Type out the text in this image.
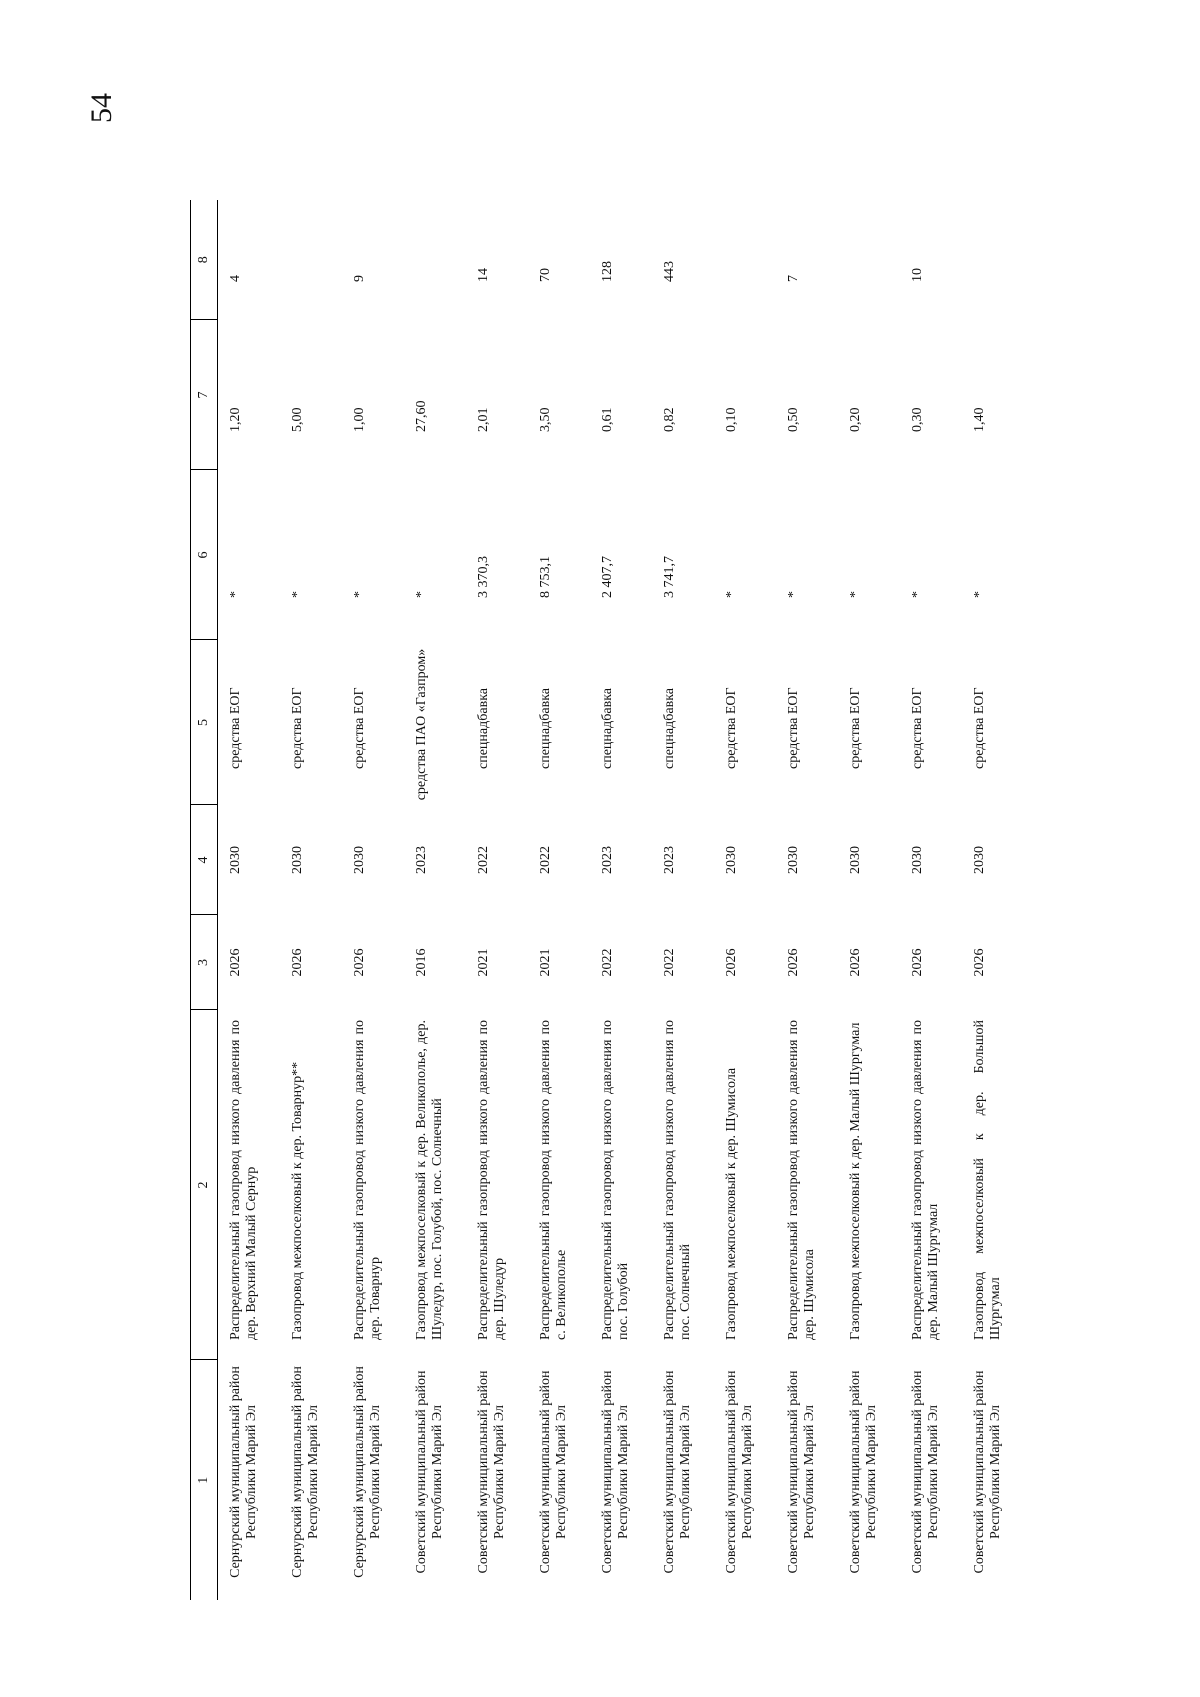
54
1	2	3	4	5	6	7	8
Сернурский муниципальный район Республики Марий Эл	Распределительный газопровод низкого давления по дер. Верхний Малый Сернур	2026	2030	средства ЕОГ	*	1,20	4
Сернурский муниципальный район Республики Марий Эл	Газопровод межпоселковый к дер. Товарнур**	2026	2030	средства ЕОГ	*	5,00	
Сернурский муниципальный район Республики Марий Эл	Распределительный газопровод низкого давления по дер. Товарнур	2026	2030	средства ЕОГ	*	1,00	9
Советский муниципальный район Республики Марий Эл	Газопровод межпоселковый к дер. Великополье, дер. Шуледур, пос. Голубой, пос. Солнечный	2016	2023	средства ПАО «Газпром»	*	27,60	
Советский муниципальный район Республики Марий Эл	Распределительный газопровод низкого давления по дер. Шуледур	2021	2022	спецнадбавка	3 370,3	2,01	14
Советский муниципальный район Республики Марий Эл	Распределительный газопровод низкого давления по с. Великополье	2021	2022	спецнадбавка	8 753,1	3,50	70
Советский муниципальный район Республики Марий Эл	Распределительный газопровод низкого давления по пос. Голубой	2022	2023	спецнадбавка	2 407,7	0,61	128
Советский муниципальный район Республики Марий Эл	Распределительный газопровод низкого давления по пос. Солнечный	2022	2023	спецнадбавка	3 741,7	0,82	443
Советский муниципальный район Республики Марий Эл	Газопровод межпоселковый к дер. Шумисола	2026	2030	средства ЕОГ	*	0,10	
Советский муниципальный район Республики Марий Эл	Распределительный газопровод низкого давления по дер. Шумисола	2026	2030	средства ЕОГ	*	0,50	7
Советский муниципальный район Республики Марий Эл	Газопровод межпоселковый к дер. Малый Шургумал	2026	2030	средства ЕОГ	*	0,20	
Советский муниципальный район Республики Марий Эл	Распределительный газопровод низкого давления по дер. Малый Шургумал	2026	2030	средства ЕОГ	*	0,30	10
Советский муниципальный район Республики Марий Эл	Газопровод межпоселковый к дер. Большой Шургумал	2026	2030	средства ЕОГ	*	1,40	
